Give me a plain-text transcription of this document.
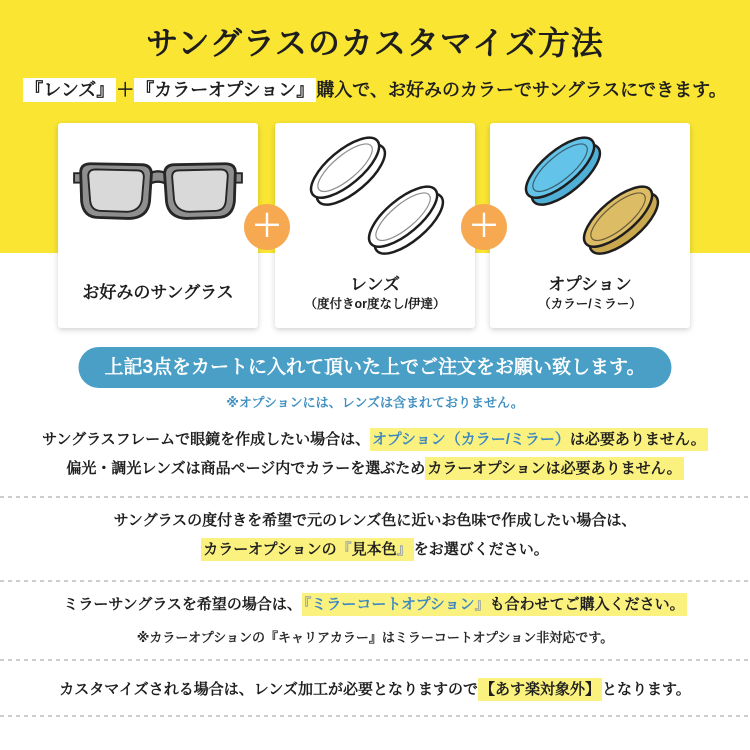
サングラスのカスタマイズ方法
『レンズ』 ＋ 『カラーオプション』 購入で、お好みのカラーでサングラスにできます。
お好みのサングラス
＋
レンズ
（度付きor度なし/伊達）
＋
オプション
（カラー/ミラー）
上記3点をカートに入れて頂いた上でご注文をお願い致します。
※オプションには、レンズは含まれておりません。
サングラスフレームで眼鏡を作成したい場合は、 オプション（カラー/ミラー）は必要ありません。
偏光・調光レンズは商品ページ内でカラーを選ぶため カラーオプションは必要ありません。
サングラスの度付きを希望で元のレンズ色に近いお色味で作成したい場合は、
カラーオプションの『見本色』 をお選びください。
ミラーサングラスを希望の場合は、 『ミラーコートオプション』も合わせてご購入ください。
※カラーオプションの『キャリアカラー』はミラーコートオプション非対応です。
カスタマイズされる場合は、レンズ加工が必要となりますので 【あす楽対象外】 となります。
